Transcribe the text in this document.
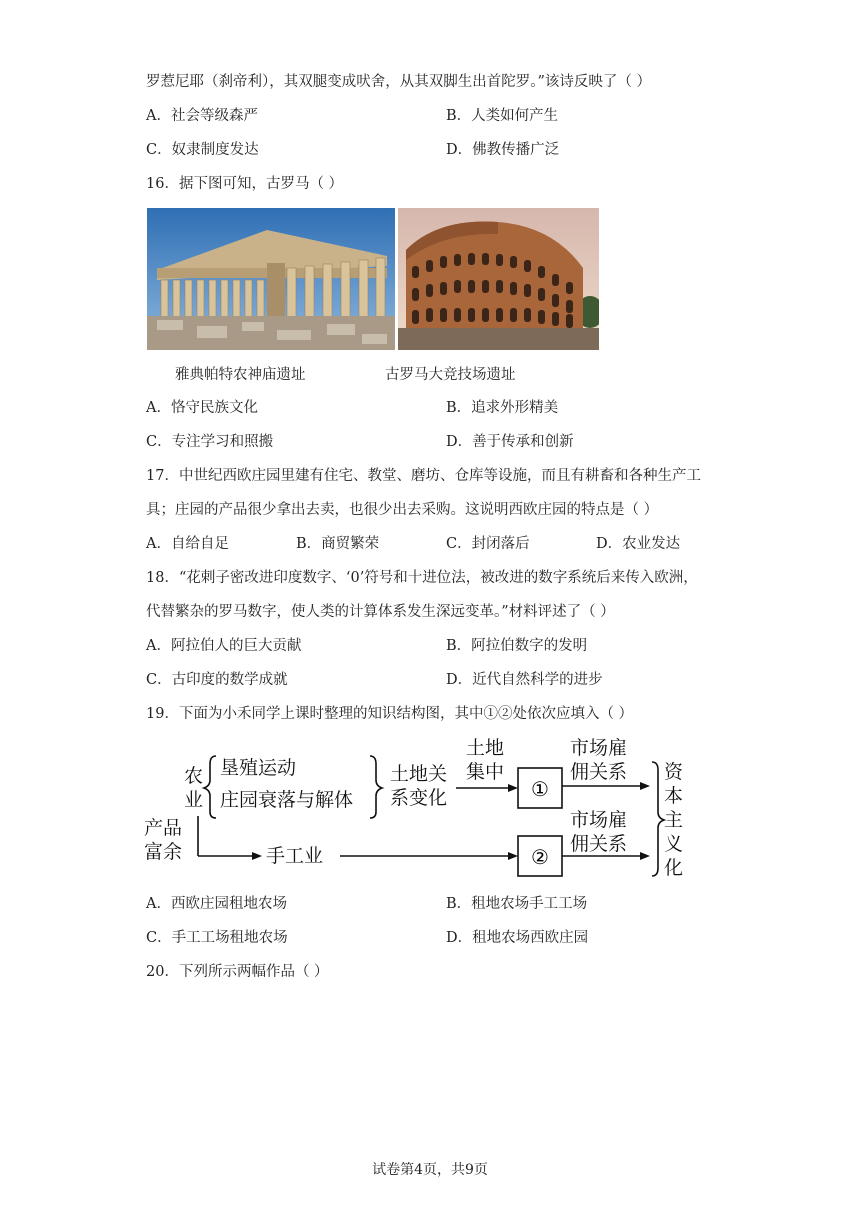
罗惹尼耶（刹帝利），其双腿变成吠舍，从其双脚生出首陀罗。”该诗反映了（ ）
A．社会等级森严	B．人类如何产生
C．奴隶制度发达	D．佛教传播广泛
16．据下图可知，古罗马（ ）
雅典帕特农神庙遗址	古罗马大竞技场遗址
A．恪守民族文化	B．追求外形精美
C．专注学习和照搬	D．善于传承和创新
17．中世纪西欧庄园里建有住宅、教堂、磨坊、仓库等设施，而且有耕畜和各种生产工
具；庄园的产品很少拿出去卖，也很少出去采购。这说明西欧庄园的特点是（ ）
A．自给自足	B．商贸繁荣	C．封闭落后	D．农业发达
18．“花剌子密改进印度数字、‘0’符号和十进位法，被改进的数字系统后来传入欧洲，
代替繁杂的罗马数字，使人类的计算体系发生深远变革。”材料评述了（ ）
A．阿拉伯人的巨大贡献	B．阿拉伯数字的发明
C．古印度的数学成就	D．近代自然科学的进步
19．下面为小禾同学上课时整理的知识结构图，其中①②处依次应填入（ ）
农
业
垦殖运动
庄园衰落与解体
土地关
系变化
土地
集中
市场雇
佣关系
市场雇
佣关系
资
本
主
义
化
产品
富余	手工业
①
②
A．西欧庄园租地农场	B．租地农场手工工场
C．手工工场租地农场	D．租地农场西欧庄园
20．下列所示两幅作品（ ）
试卷第4页，共9页
